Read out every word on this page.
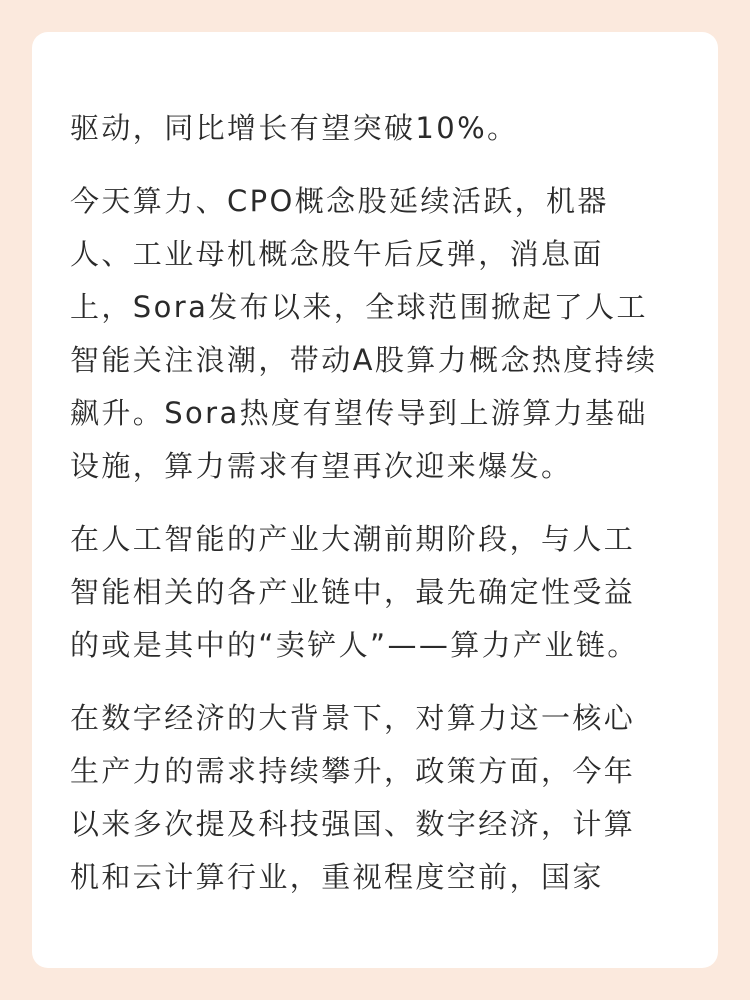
驱动，同比增长有望突破10%。

今天算力、CPO概念股延续活跃，机器
人、工业母机概念股午后反弹，消息面
上，Sora发布以来，全球范围掀起了人工
智能关注浪潮，带动A股算力概念热度持续
飙升。Sora热度有望传导到上游算力基础
设施，算力需求有望再次迎来爆发。

在人工智能的产业大潮前期阶段，与人工
智能相关的各产业链中，最先确定性受益
的或是其中的“卖铲人”——算力产业链。

在数字经济的大背景下，对算力这一核心
生产力的需求持续攀升，政策方面，今年
以来多次提及科技强国、数字经济，计算
机和云计算行业，重视程度空前，国家
